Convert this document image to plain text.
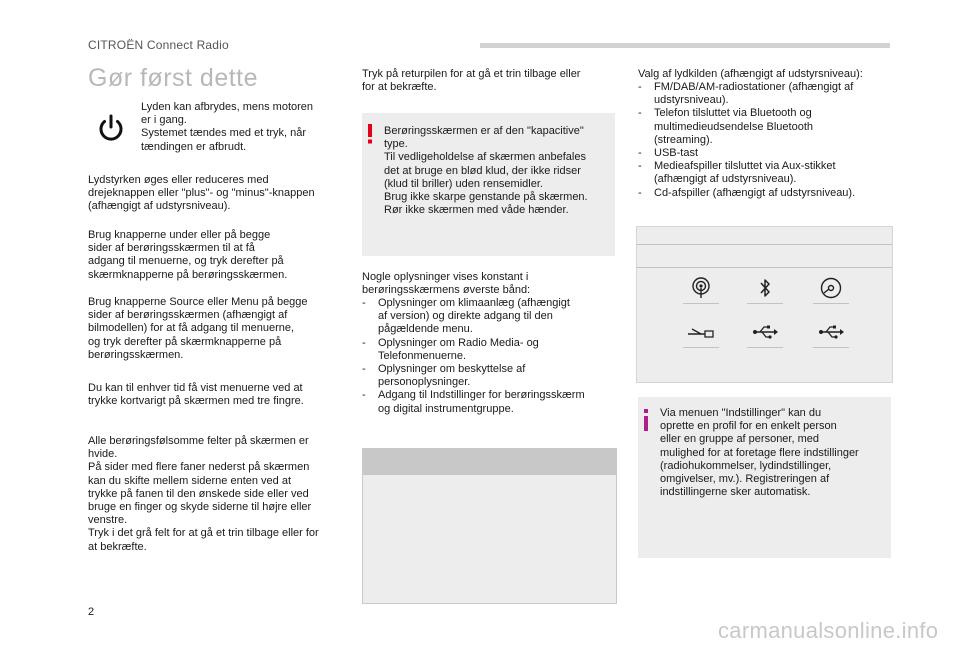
CITROËN Connect Radio
Gør først dette
Lyden kan afbrydes, mens motoren
er i gang.
Systemet tændes med et tryk, når
tændingen er afbrudt.
Lydstyrken øges eller reduceres med
drejeknappen eller "plus"- og "minus"-knappen
(afhængigt af udstyrsniveau).
Brug knapperne under eller på begge
sider af berøringsskærmen til at få
adgang til menuerne, og tryk derefter på
skærmknapperne på berøringsskærmen.
Brug knapperne Source eller Menu på begge
sider af berøringsskærmen (afhængigt af
bilmodellen) for at få adgang til menuerne,
og tryk derefter på skærmknapperne på
berøringsskærmen.
Du kan til enhver tid få vist menuerne ved at
trykke kortvarigt på skærmen med tre fingre.
Alle berøringsfølsomme felter på skærmen er
hvide.
På sider med flere faner nederst på skærmen
kan du skifte mellem siderne enten ved at
trykke på fanen til den ønskede side eller ved
bruge en finger og skyde siderne til højre eller
venstre.
Tryk i det grå felt for at gå et trin tilbage eller for
at bekræfte.
Tryk på returpilen for at gå et trin tilbage eller
for at bekræfte.
Berøringsskærmen er af den "kapacitive"
type.
Til vedligeholdelse af skærmen anbefales
det at bruge en blød klud, der ikke ridser
(klud til briller) uden rensemidler.
Brug ikke skarpe genstande på skærmen.
Rør ikke skærmen med våde hænder.
Nogle oplysninger vises konstant i
berøringsskærmens øverste bånd:
- Oplysninger om klimaanlæg (afhængigt
af version) og direkte adgang til den
pågældende menu.
- Oplysninger om Radio Media- og
Telefonmenuerne.
- Oplysninger om beskyttelse af
personoplysninger.
- Adgang til Indstillinger for berøringsskærm
og digital instrumentgruppe.
Valg af lydkilden (afhængigt af udstyrsniveau):
- FM/DAB/AM-radiostationer (afhængigt af
udstyrsniveau).
- Telefon tilsluttet via Bluetooth og
multimedieudsendelse Bluetooth
(streaming).
- USB-tast
- Medieafspiller tilsluttet via Aux-stikket
(afhængigt af udstyrsniveau).
- Cd-afspiller (afhængigt af udstyrsniveau).
Via menuen "Indstillinger" kan du
oprette en profil for en enkelt person
eller en gruppe af personer, med
mulighed for at foretage flere indstillinger
(radiohukommelser, lydindstillinger,
omgivelser, mv.). Registreringen af
indstillingerne sker automatisk.
2
carmanualsonline.info
